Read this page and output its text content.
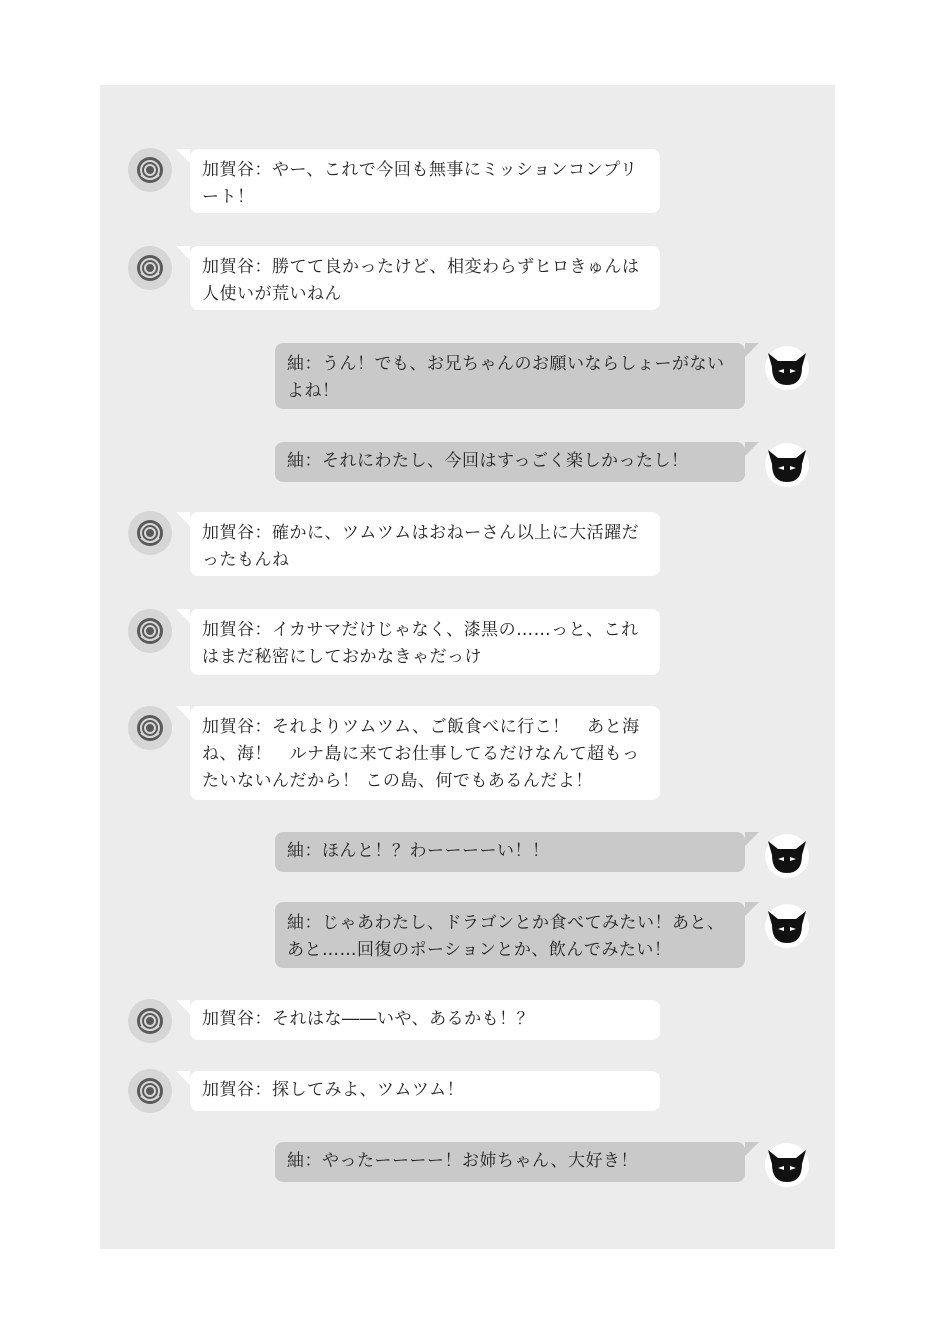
加賀谷：やー、これで今回も無事にミッションコンプリ
ート！
加賀谷：勝てて良かったけど、相変わらずヒロきゅんは
人使いが荒いねん
紬：うん！でも、お兄ちゃんのお願いならしょーがない
よね！
紬：それにわたし、今回はすっごく楽しかったし！
加賀谷：確かに、ツムツムはおねーさん以上に大活躍だ
ったもんね
加賀谷：イカサマだけじゃなく、漆黒の……っと、これ
はまだ秘密にしておかなきゃだっけ
加賀谷：それよりツムツム、ご飯食べに行こ！　あと海
ね、海！　ルナ島に来てお仕事してるだけなんて超もっ
たいないんだから！ この島、何でもあるんだよ！
紬：ほんと！？わーーーーい！！
紬：じゃあわたし、ドラゴンとか食べてみたい！あと、
あと……回復のポーションとか、飲んでみたい！
加賀谷：それはな――いや、あるかも！？
加賀谷：探してみよ、ツムツム！
紬：やったーーーー！お姉ちゃん、大好き！
